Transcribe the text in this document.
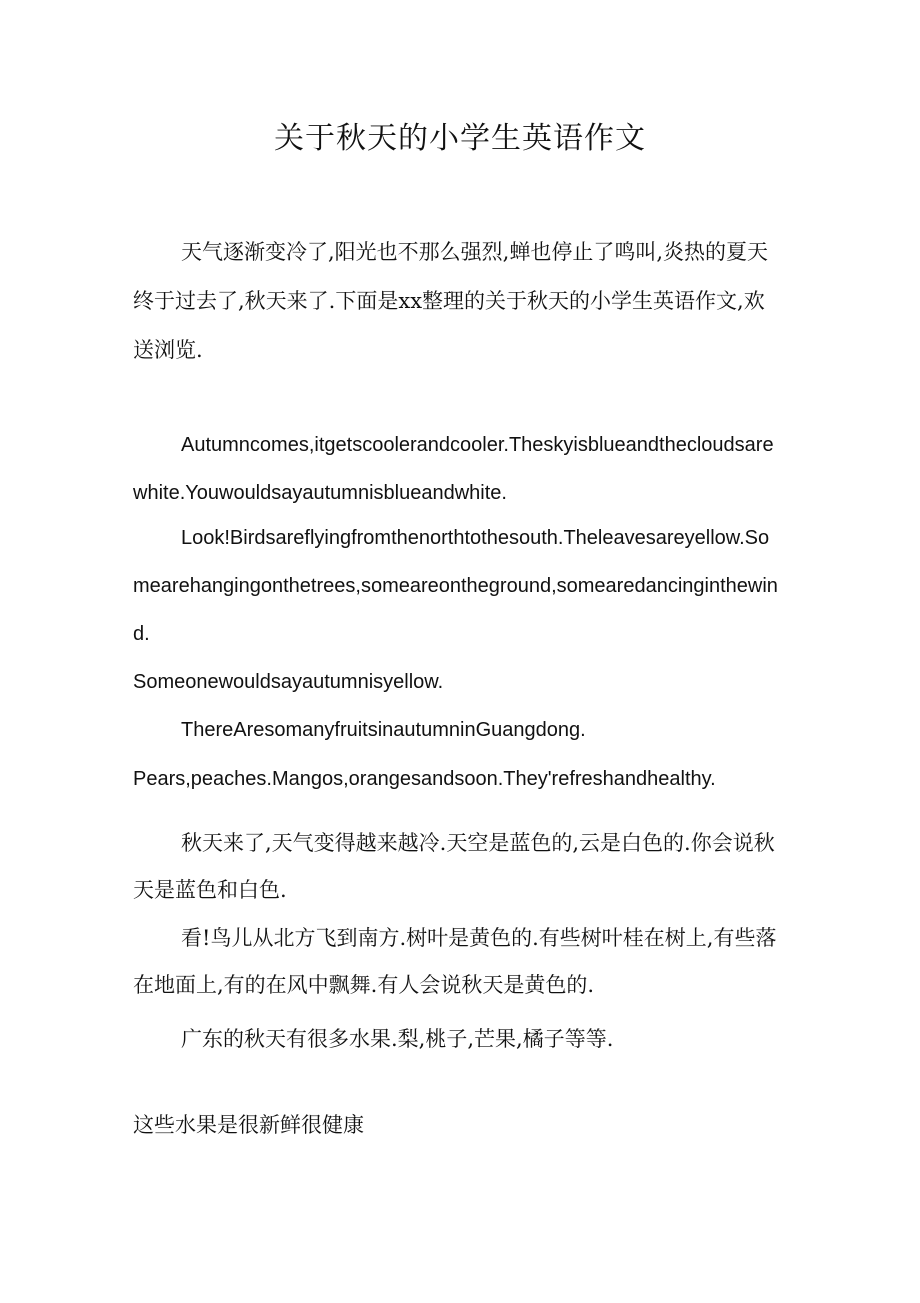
关于秋天的小学生英语作文

天气逐渐变冷了,阳光也不那么强烈,蝉也停止了鸣叫,炎热的夏天终于过去了,秋天来了.下面是xx整理的关于秋天的小学生英语作文,欢送浏览.

Autumncomes,itgetscoolerandcooler.Theskyisblueandthecloudsarewhite.Youwouldsayautumnisblueandwhite.

Look!Birdsareflyingfromthenorthtothesouth.Theleavesareyellow.Somearehangingonthetrees,someareontheground,somearedancinginthewind.

Someonewouldsayautumnisyellow.

ThereAresomanyfruitsinautumninGuangdong.

Pears,peaches.Mangos,orangesandsoon.They'refreshandhealthy.

秋天来了,天气变得越来越冷.天空是蓝色的,云是白色的.你会说秋天是蓝色和白色.

看!鸟儿从北方飞到南方.树叶是黄色的.有些树叶桂在树上,有些落在地面上,有的在风中飘舞.有人会说秋天是黄色的.

广东的秋天有很多水果.梨,桃子,芒果,橘子等等.

这些水果是很新鲜很健康
